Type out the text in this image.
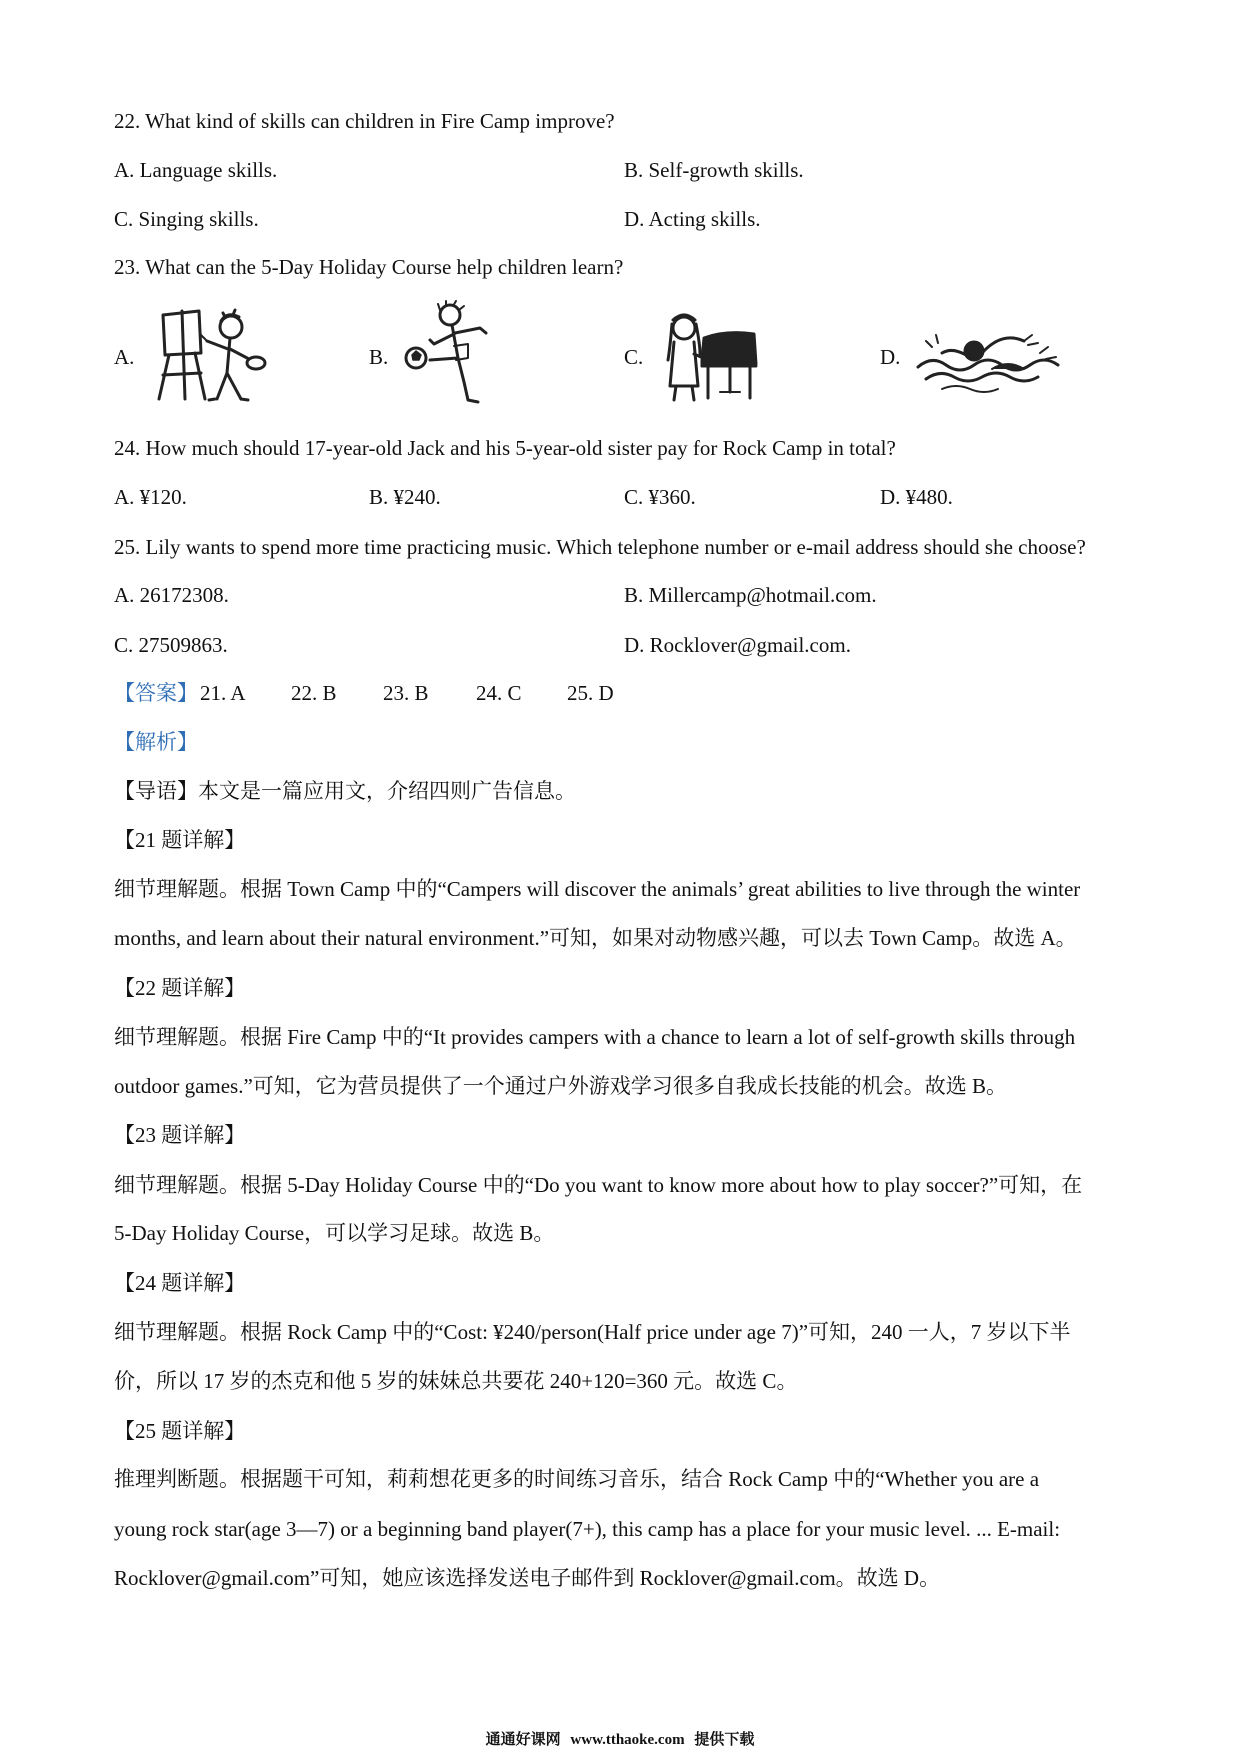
22. What kind of skills can children in Fire Camp improve?
A. Language skills.	B. Self-growth skills.
C. Singing skills.	D. Acting skills.
23. What can the 5-Day Holiday Course help children learn?
A.	B.	C.	D.
24. How much should 17-year-old Jack and his 5-year-old sister pay for Rock Camp in total?
A. ¥120.	B. ¥240.	C. ¥360.	D. ¥480.
25. Lily wants to spend more time practicing music. Which telephone number or e-mail address should she choose?
A. 26172308.	B. Millercamp@hotmail.com.
C. 27509863.	D. Rocklover@gmail.com.
【答案】 21. A 22. B 23. B 24. C 25. D
【解析】
【导语】本文是一篇应用文，介绍四则广告信息。
【21 题详解】
细节理解题。根据 Town Camp 中的“Campers will discover the animals’ great abilities to live through the winter
months, and learn about their natural environment.”可知，如果对动物感兴趣，可以去 Town Camp。故选 A。
【22 题详解】
细节理解题。根据 Fire Camp 中的“It provides campers with a chance to learn a lot of self-growth skills through
outdoor games.”可知，它为营员提供了一个通过户外游戏学习很多自我成长技能的机会。故选 B。
【23 题详解】
细节理解题。根据 5-Day Holiday Course 中的“Do you want to know more about how to play soccer?”可知，在
5-Day Holiday Course，可以学习足球。故选 B。
【24 题详解】
细节理解题。根据 Rock Camp 中的“Cost: ¥240/person(Half price under age 7)”可知，240 一人，7 岁以下半
价，所以 17 岁的杰克和他 5 岁的妹妹总共要花 240+120=360 元。故选 C。
【25 题详解】
推理判断题。根据题干可知，莉莉想花更多的时间练习音乐，结合 Rock Camp 中的“Whether you are a
young rock star(age 3—7) or a beginning band player(7+), this camp has a place for your music level. ... E-mail:
Rocklover@gmail.com”可知，她应该选择发送电子邮件到 Rocklover@gmail.com。故选 D。
通通好课网 www.tthaoke.com 提供下载
